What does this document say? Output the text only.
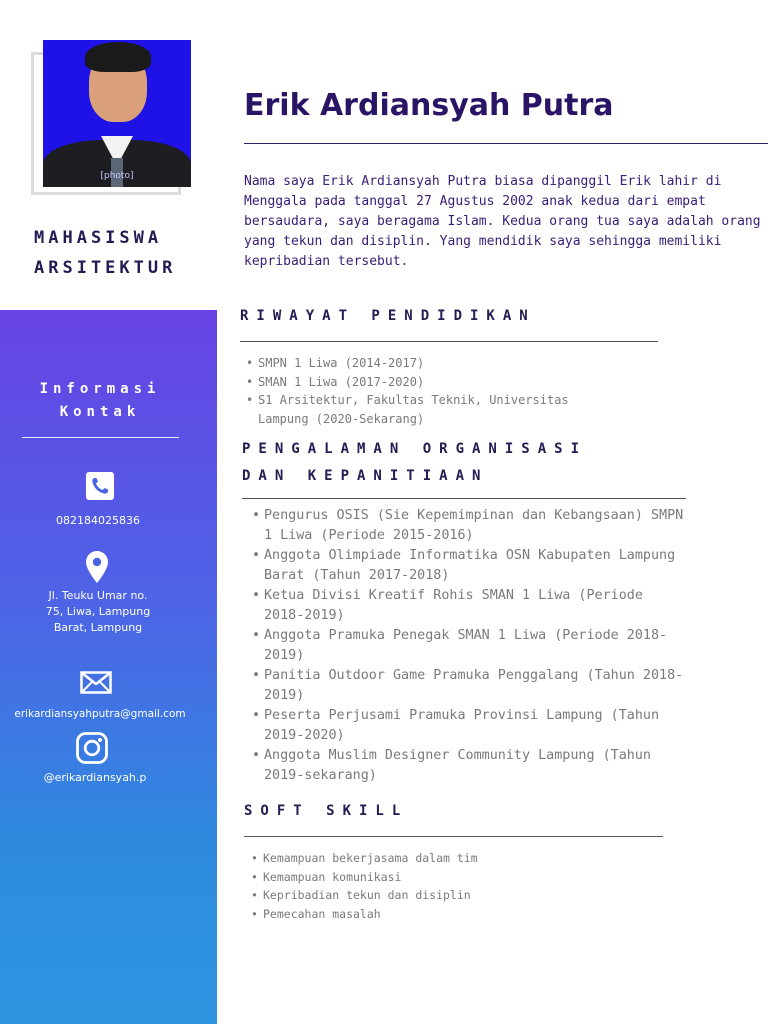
[photo]
MAHASISWA
ARSITEKTUR
Informasi
Kontak
082184025836
Jl. Teuku Umar no.
75, Liwa, Lampung
Barat, Lampung
erikardiansyahputra@gmail.com
@erikardiansyah.p
Erik Ardiansyah Putra

Nama saya Erik Ardiansyah Putra biasa dipanggil Erik lahir di Menggala pada tanggal 27 Agustus 2002 anak kedua dari empat bersaudara, saya beragama Islam. Kedua orang tua saya adalah orang yang tekun dan disiplin. Yang mendidik saya sehingga memiliki kepribadian tersebut.

RIWAYAT PENDIDIKAN
• SMPN 1 Liwa (2014-2017)
• SMAN 1 Liwa (2017-2020)
• S1 Arsitektur, Fakultas Teknik, Universitas Lampung (2020-Sekarang)
PENGALAMAN ORGANISASI
DAN KEPANITIAAN
• Pengurus OSIS (Sie Kepemimpinan dan Kebangsaan) SMPN 1 Liwa (Periode 2015-2016)
• Anggota Olimpiade Informatika OSN Kabupaten Lampung Barat (Tahun 2017-2018)
• Ketua Divisi Kreatif Rohis SMAN 1 Liwa (Periode 2018-2019)
• Anggota Pramuka Penegak SMAN 1 Liwa (Periode 2018-2019)
• Panitia Outdoor Game Pramuka Penggalang (Tahun 2018-2019)
• Peserta Perjusami Pramuka Provinsi Lampung (Tahun 2019-2020)
• Anggota Muslim Designer Community Lampung (Tahun 2019-sekarang)
SOFT SKILL
• Kemampuan bekerjasama dalam tim
• Kemampuan komunikasi
• Kepribadian tekun dan disiplin
• Pemecahan masalah
